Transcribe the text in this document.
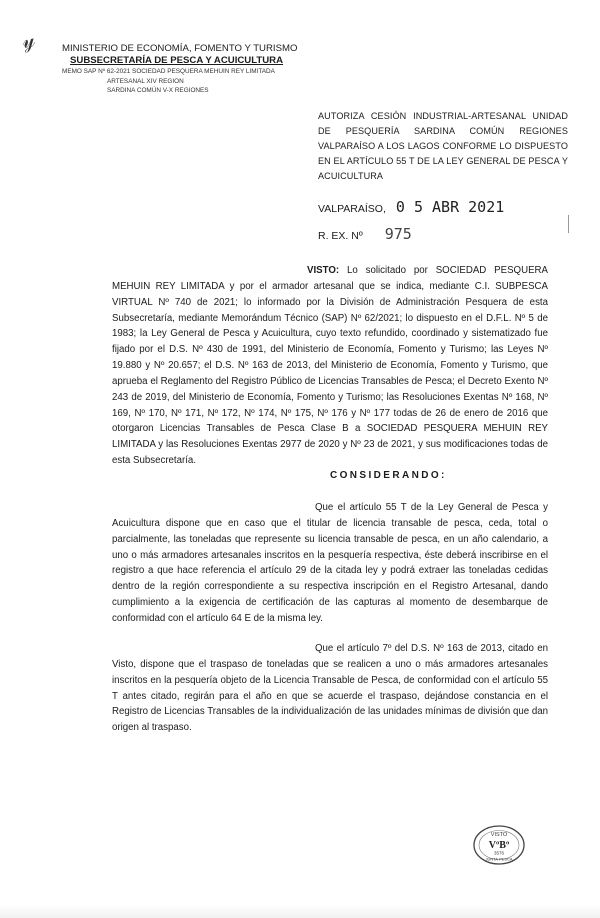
𝓎	MINISTERIO DE ECONOMÍA, FOMENTO Y TURISMO
SUBSECRETARÍA DE PESCA Y ACUICULTURA
MEMO SAP Nº 62-2021 SOCIEDAD PESQUERA MEHUIN REY LIMITADA
ARTESANAL XIV REGION
SARDINA COMÚN V-X REGIONES
AUTORIZA CESIÓN INDUSTRIAL-ARTESANAL UNIDAD DE PESQUERÍA SARDINA COMÚN REGIONES VALPARAÍSO A LOS LAGOS CONFORME LO DISPUESTO EN EL ARTÍCULO 55 T DE LA LEY GENERAL DE PESCA Y ACUICULTURA
VALPARAÍSO, 0 5 ABR 2021
R. EX. Nº 975
VISTO: Lo solicitado por SOCIEDAD PESQUERA MEHUIN REY LIMITADA y por el armador artesanal que se indica, mediante C.I. SUBPESCA VIRTUAL Nº 740 de 2021; lo informado por la División de Administración Pesquera de esta Subsecretaría, mediante Memorándum Técnico (SAP) Nº 62/2021; lo dispuesto en el D.F.L. Nº 5 de 1983; la Ley General de Pesca y Acuicultura, cuyo texto refundido, coordinado y sistematizado fue fijado por el D.S. Nº 430 de 1991, del Ministerio de Economía, Fomento y Turismo; las Leyes Nº 19.880 y Nº 20.657; el D.S. Nº 163 de 2013, del Ministerio de Economía, Fomento y Turismo, que aprueba el Reglamento del Registro Público de Licencias Transables de Pesca; el Decreto Exento Nº 243 de 2019, del Ministerio de Economía, Fomento y Turismo; las Resoluciones Exentas Nº 168, Nº 169, Nº 170, Nº 171, Nº 172, Nº 174, Nº 175, Nº 176 y Nº 177 todas de 26 de enero de 2016 que otorgaron Licencias Transables de Pesca Clase B a SOCIEDAD PESQUERA MEHUIN REY LIMITADA y las Resoluciones Exentas 2977 de 2020 y Nº 23 de 2021, y sus modificaciones todas de esta Subsecretaría.
CONSIDERANDO:
Que el artículo 55 T de la Ley General de Pesca y Acuicultura dispone que en caso que el titular de licencia transable de pesca, ceda, total o parcialmente, las toneladas que represente su licencia transable de pesca, en un año calendario, a uno o más armadores artesanales inscritos en la pesquería respectiva, éste deberá inscribirse en el registro a que hace referencia el artículo 29 de la citada ley y podrá extraer las toneladas cedidas dentro de la región correspondiente a su respectiva inscripción en el Registro Artesanal, dando cumplimiento a la exigencia de certificación de las capturas al momento de desembarque de conformidad con el artículo 64 E de la misma ley.
Que el artículo 7º del D.S. Nº 163 de 2013, citado en Visto, dispone que el traspaso de toneladas que se realicen a uno o más armadores artesanales inscritos en la pesquería objeto de la Licencia Transable de Pesca, de conformidad con el artículo 55 T antes citado, regirán para el año en que se acuerde el traspaso, dejándose constancia en el Registro de Licencias Transables de la individualización de las unidades mínimas de división que dan origen al traspaso.
VISTO
VºBº
3576
JUNTA PESCA
